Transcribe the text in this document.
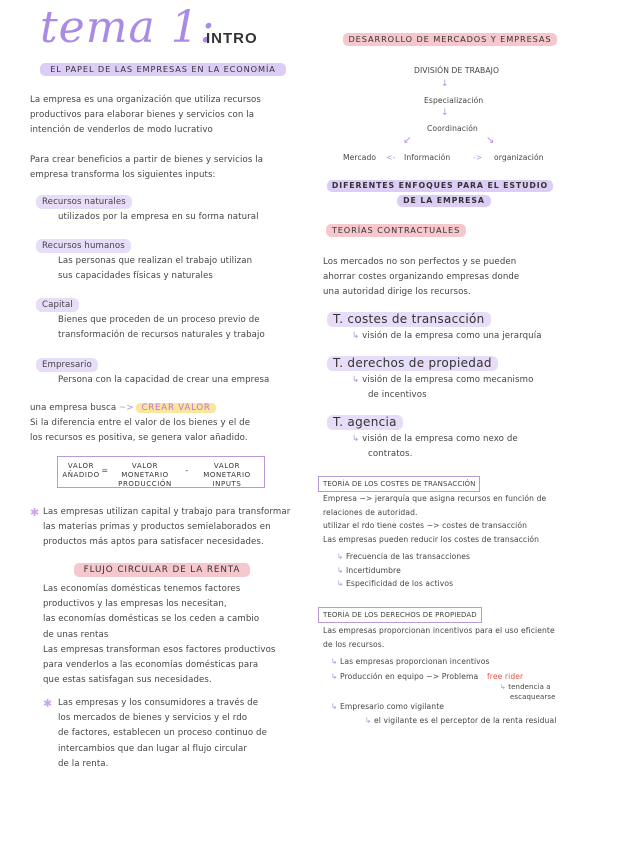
tema 1:
INTRO
EL PAPEL DE LAS EMPRESAS EN LA ECONOMÍA
La empresa es una organización que utiliza recursos
productivos para elaborar bienes y servicios con la
intención de venderlos de modo lucrativo
Para crear beneficios a partir de bienes y servicios la
empresa transforma los siguientes inputs:
Recursos naturales
utilizados por la empresa en su forma natural
Recursos humanos
Las personas que realizan el trabajo utilizan
sus capacidades físicas y naturales
Capital
Bienes que proceden de un proceso previo de
transformación de recursos naturales y trabajo
Empresario
Persona con la capacidad de crear una empresa
una empresa busca ~> CREAR VALOR
Si la diferencia entre el valor de los bienes y el de
los recursos es positiva, se genera valor añadido.
VALOR
AÑADIDO =	VALOR MONETARIO
PRODUCCIÓN
-	VALOR MONETARIO
INPUTS
✱ Las empresas utilizan capital y trabajo para transformar
las materias primas y productos semielaborados en
productos más aptos para satisfacer necesidades.
FLUJO CIRCULAR DE LA RENTA
Las economías domésticas tenemos factores
productivos y las empresas los necesitan,
las economías domésticas se los ceden a cambio
de unas rentas
Las empresas transforman esos factores productivos
para venderlos a las economías domésticas para
que estas satisfagan sus necesidades.
✱ Las empresas y los consumidores a través de
los mercados de bienes y servicios y el rdo
de factores, establecen un proceso continuo de
intercambios que dan lugar al flujo circular
de la renta.
DESARROLLO DE MERCADOS Y EMPRESAS
DIVISIÓN DE TRABAJO
↓
Especialización
↓
Coordinación
↙	↘
Mercado <- Información	-> organización
DIFERENTES ENFOQUES PARA EL ESTUDIO
DE LA EMPRESA
TEORÍAS CONTRACTUALES
Los mercados no son perfectos y se pueden
ahorrar costes organizando empresas donde
una autoridad dirige los recursos.
T. costes de transacción
↳ visión de la empresa como una jerarquía
T. derechos de propiedad
↳ visión de la empresa como mecanismo
de incentivos
T. agencia
↳ visión de la empresa como nexo de
contratos.
TEORÍA DE LOS COSTES DE TRANSACCIÓN
Empresa ~> jerarquía que asigna recursos en función de
relaciones de autoridad.
utilizar el rdo tiene costes ~> costes de transacción
Las empresas pueden reducir los costes de transacción
↳ Frecuencia de las transacciones
↳ Incertidumbre
↳ Especificidad de los activos
TEORÍA DE LOS DERECHOS DE PROPIEDAD
Las empresas proporcionan incentivos para el uso eficiente
de los recursos.
↳ Las empresas proporcionan incentivos
↳ Producción en equipo ~> Problema free rider
↳ tendencia a
escaquearse
↳ Empresario como vigilante
↳ el vigilante es el perceptor de la renta residual
